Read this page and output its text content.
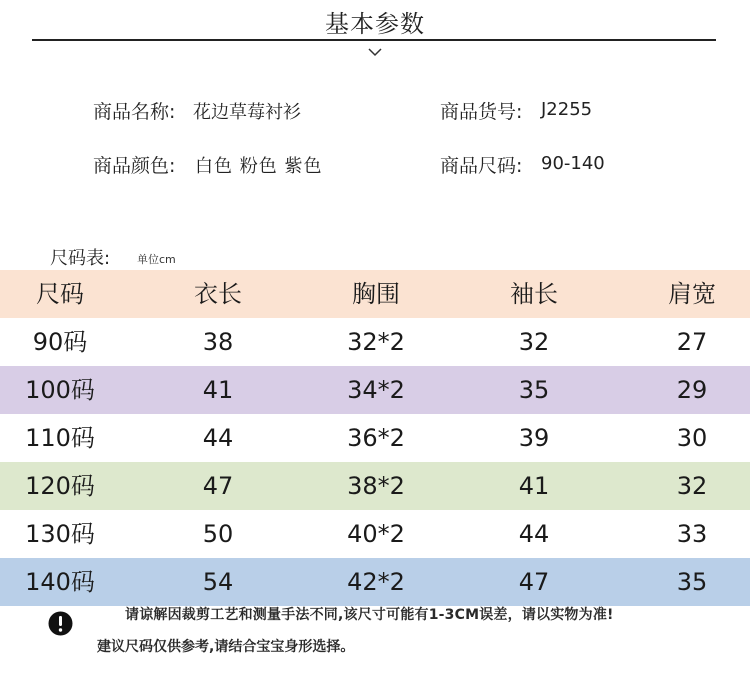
基本参数
商品名称: 花边草莓衬衫	商品货号: J2255
商品颜色: 白色 粉色 紫色	商品尺码: 90-140
尺码表: 单位cm
尺码	衣长	胸围	袖长	肩宽
90码	38	32*2	32	27
100码	41	34*2	35	29
110码	44	36*2	39	30
120码	47	38*2	41	32
130码	50	40*2	44	33
140码	54	42*2	47	35
请谅解因裁剪工艺和测量手法不同,该尺寸可能有1-3CM误差，请以实物为准!
建议尺码仅供参考,请结合宝宝身形选择。
